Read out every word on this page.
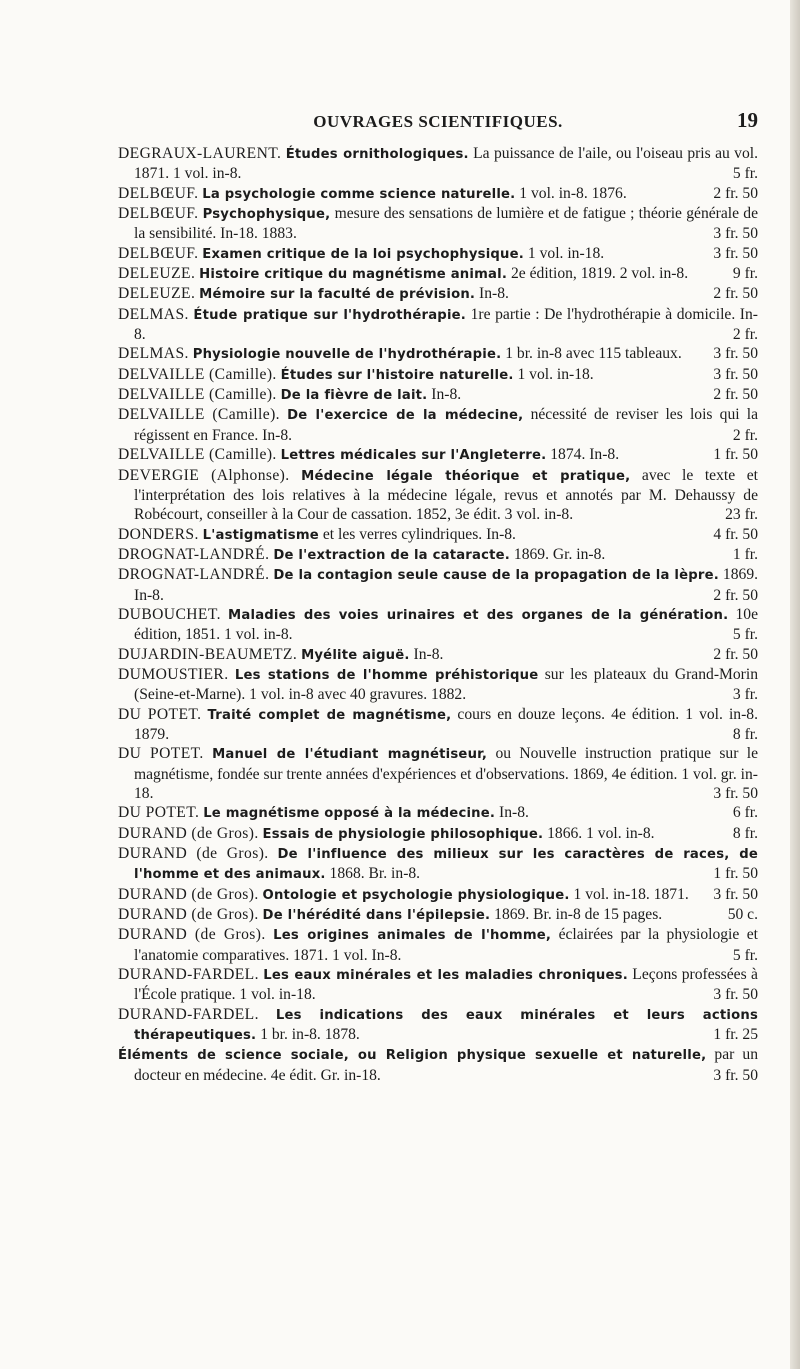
OUVRAGES SCIENTIFIQUES.	19

DEGRAUX-LAURENT. Études ornithologiques. La puissance de l'aile, ou l'oiseau pris au vol. 1871. 1 vol. in-8.	5 fr.

DELBŒUF. La psychologie comme science naturelle. 1 vol. in-8. 1876.	2 fr. 50

DELBŒUF. Psychophysique, mesure des sensations de lumière et de fatigue ; théorie générale de la sensibilité. In-18. 1883.	3 fr. 50

DELBŒUF. Examen critique de la loi psychophysique. 1 vol. in-18.	3 fr. 50

DELEUZE. Histoire critique du magnétisme animal. 2e édition, 1819. 2 vol. in-8.	9 fr.

DELEUZE. Mémoire sur la faculté de prévision. In-8.	2 fr. 50

DELMAS. Étude pratique sur l'hydrothérapie. 1re partie : De l'hydrothérapie à domicile. In-8.	2 fr.

DELMAS. Physiologie nouvelle de l'hydrothérapie. 1 br. in-8 avec 115 tableaux. 3 fr. 50

DELVAILLE (Camille). Études sur l'histoire naturelle. 1 vol. in-18.	3 fr. 50

DELVAILLE (Camille). De la fièvre de lait. In-8.	2 fr. 50

DELVAILLE (Camille). De l'exercice de la médecine, nécessité de reviser les lois qui la régissent en France. In-8.	2 fr.

DELVAILLE (Camille). Lettres médicales sur l'Angleterre. 1874. In-8.	1 fr. 50

DEVERGIE (Alphonse). Médecine légale théorique et pratique, avec le texte et l'interprétation des lois relatives à la médecine légale, revus et annotés par M. Dehaussy de Robécourt, conseiller à la Cour de cassation. 1852, 3e édit. 3 vol. in-8.	23 fr.

DONDERS. L'astigmatisme et les verres cylindriques. In-8.	4 fr. 50

DROGNAT-LANDRÉ. De l'extraction de la cataracte. 1869. Gr. in-8.	1 fr.

DROGNAT-LANDRÉ. De la contagion seule cause de la propagation de la lèpre. 1869. In-8.	2 fr. 50

DUBOUCHET. Maladies des voies urinaires et des organes de la génération. 10e édition, 1851. 1 vol. in-8.	5 fr.

DUJARDIN-BEAUMETZ. Myélite aiguë. In-8.	2 fr. 50

DUMOUSTIER. Les stations de l'homme préhistorique sur les plateaux du Grand-Morin (Seine-et-Marne). 1 vol. in-8 avec 40 gravures. 1882.	3 fr.

DU POTET. Traité complet de magnétisme, cours en douze leçons. 4e édition. 1 vol. in-8. 1879.	8 fr.

DU POTET. Manuel de l'étudiant magnétiseur, ou Nouvelle instruction pratique sur le magnétisme, fondée sur trente années d'expériences et d'observations. 1869, 4e édition. 1 vol. gr. in-18.	3 fr. 50

DU POTET. Le magnétisme opposé à la médecine. In-8.	6 fr.

DURAND (de Gros). Essais de physiologie philosophique. 1866. 1 vol. in-8.	8 fr.

DURAND (de Gros). De l'influence des milieux sur les caractères de races, de l'homme et des animaux. 1868. Br. in-8.	1 fr. 50

DURAND (de Gros). Ontologie et psychologie physiologique. 1 vol. in-18. 1871. 3 fr. 50

DURAND (de Gros). De l'hérédité dans l'épilepsie. 1869. Br. in-8 de 15 pages.	50 c.

DURAND (de Gros). Les origines animales de l'homme, éclairées par la physiologie et l'anatomie comparatives. 1871. 1 vol. In-8.	5 fr.

DURAND-FARDEL. Les eaux minérales et les maladies chroniques. Leçons professées à l'École pratique. 1 vol. in-18.	3 fr. 50

DURAND-FARDEL. Les indications des eaux minérales et leurs actions thérapeutiques. 1 br. in-8. 1878.	1 fr. 25

Éléments de science sociale, ou Religion physique sexuelle et naturelle, par un docteur en médecine. 4e édit. Gr. in-18.	3 fr. 50
